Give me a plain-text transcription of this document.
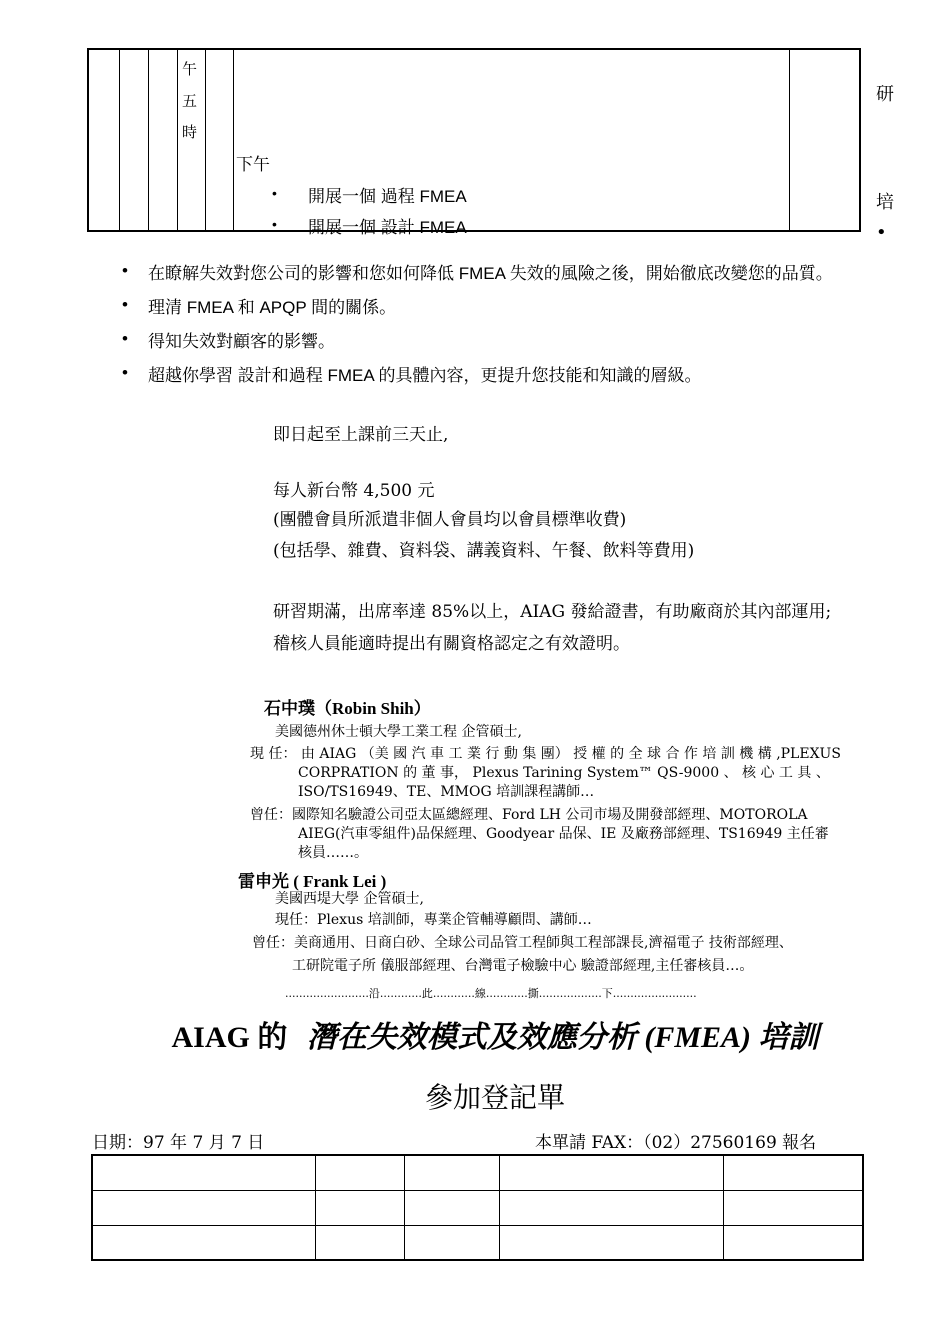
午
五
時
下午
• 開展一個 過程 FMEA
• 開展一個 設計 FMEA
研
培
•
• 在瞭解失效對您公司的影響和您如何降低 FMEA 失效的風險之後，開始徹底改變您的品質。
• 理清 FMEA 和 APQP 間的關係。
• 得知失效對顧客的影響。
• 超越你學習 設計和過程 FMEA 的具體內容，更提升您技能和知識的層級。
即日起至上課前三天止,
每人新台幣 4,500 元
(團體會員所派遣非個人會員均以會員標準收費)
(包括學、雜費、資料袋、講義資料、午餐、飲料等費用)
研習期滿，出席率達 85%以上，AIAG 發給證書，有助廠商於其內部運用;
稽核人員能適時提出有關資格認定之有效證明。
石中璞（Robin Shih）
美國德州休士頓大學工業工程 企管碩士,
現 任： 由 AIAG （美 國 汽 車 工 業 行 動 集 團） 授 權 的 全 球 合 作 培 訓 機 構 ,PLEXUS
CORPRATION 的 董 事， Plexus Tarining System™ QS-9000 、 核 心 工 具 、
ISO/TS16949、TE、MMOG 培訓課程講師…
曾任：國際知名驗證公司亞太區總經理、Ford LH 公司市場及開發部經理、MOTOROLA
AIEG(汽車零組件)品保經理、Goodyear 品保、IE 及廠務部經理、TS16949 主任審
核員……。
雷申光 ( Frank Lei )
美國西堤大學 企管碩士,
現任：Plexus 培訓師，專業企管輔導顧問、講師…
曾任：美商通用、日商白砂、全球公司品管工程師與工程部課長,濟福電子 技術部經理、
工研院電子所 儀服部經理、台灣電子檢驗中心 驗證部經理,主任審核員…。
........................沿............此............線............撕..................下........................
AIAG 的 潛在失效模式及效應分析 (FMEA) 培訓
參加登記單
日期：97 年 7 月 7 日	本單請 FAX：（02）27560169 報名
